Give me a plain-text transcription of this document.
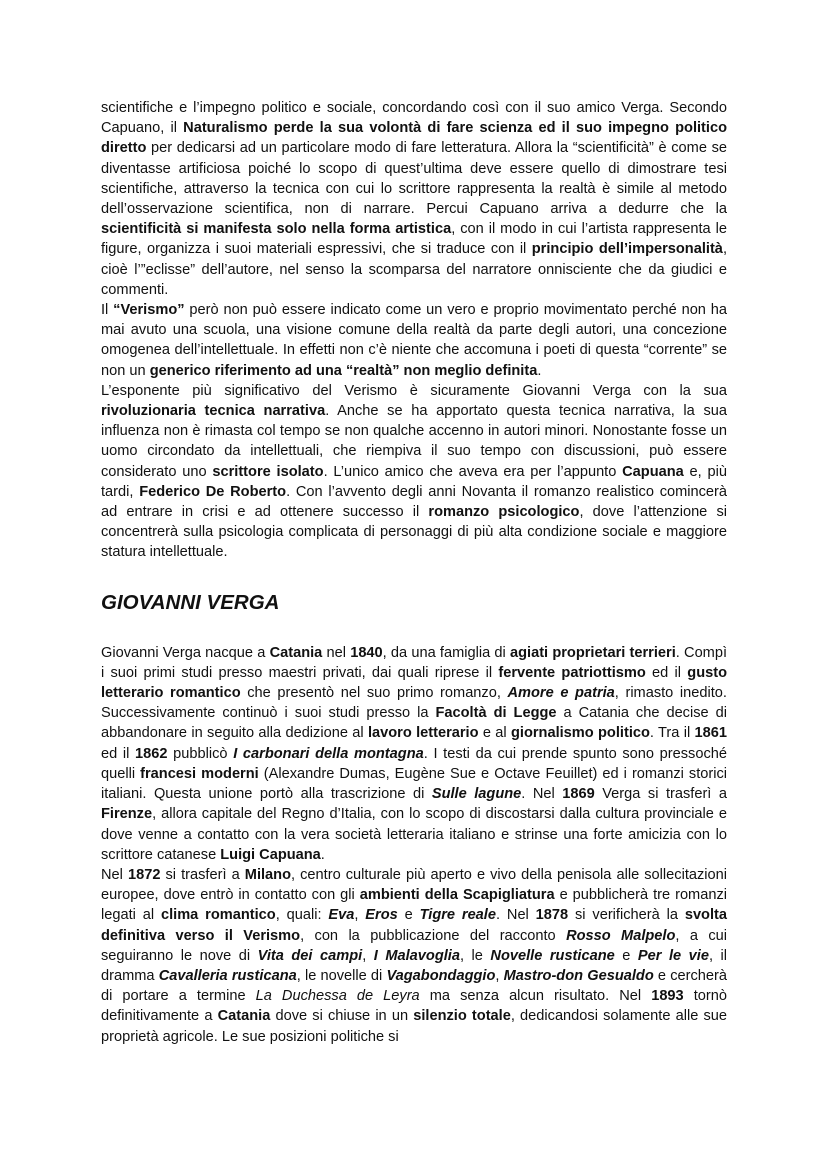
scientifiche e l’impegno politico e sociale, concordando così con il suo amico Verga. Secondo Capuano, il Naturalismo perde la sua volontà di fare scienza ed il suo impegno politico diretto per dedicarsi ad un particolare modo di fare letteratura. Allora la “scientificità” è come se diventasse artificiosa poiché lo scopo di quest’ultima deve essere quello di dimostrare tesi scientifiche, attraverso la tecnica con cui lo scrittore rappresenta la realtà è simile al metodo dell’osservazione scientifica, non di narrare. Percui Capuano arriva a dedurre che la scientificità si manifesta solo nella forma artistica, con il modo in cui l’artista rappresenta le figure, organizza i suoi materiali espressivi, che si traduce con il principio dell’impersonalità, cioè l’”eclisse” dell’autore, nel senso la scomparsa del narratore onnisciente che da giudici e commenti.

Il “Verismo” però non può essere indicato come un vero e proprio movimentato perché non ha mai avuto una scuola, una visione comune della realtà da parte degli autori, una concezione omogenea dell’intellettuale. In effetti non c’è niente che accomuna i poeti di questa “corrente” se non un generico riferimento ad una “realtà” non meglio definita.

L’esponente più significativo del Verismo è sicuramente Giovanni Verga con la sua rivoluzionaria tecnica narrativa. Anche se ha apportato questa tecnica narrativa, la sua influenza non è rimasta col tempo se non qualche accenno in autori minori. Nonostante fosse un uomo circondato da intellettuali, che riempiva il suo tempo con discussioni, può essere considerato uno scrittore isolato. L’unico amico che aveva era per l’appunto Capuana e, più tardi, Federico De Roberto. Con l’avvento degli anni Novanta il romanzo realistico comincerà ad entrare in crisi e ad ottenere successo il romanzo psicologico, dove l’attenzione si concentrerà sulla psicologia complicata di personaggi di più alta condizione sociale e maggiore statura intellettuale.

GIOVANNI VERGA

Giovanni Verga nacque a Catania nel 1840, da una famiglia di agiati proprietari terrieri. Compì i suoi primi studi presso maestri privati, dai quali riprese il fervente patriottismo ed il gusto letterario romantico che presentò nel suo primo romanzo, Amore e patria, rimasto inedito. Successivamente continuò i suoi studi presso la Facoltà di Legge a Catania che decise di abbandonare in seguito alla dedizione al lavoro letterario e al giornalismo politico. Tra il 1861 ed il 1862 pubblicò I carbonari della montagna. I testi da cui prende spunto sono pressoché quelli francesi moderni (Alexandre Dumas, Eugène Sue e Octave Feuillet) ed i romanzi storici italiani. Questa unione portò alla trascrizione di Sulle lagune. Nel 1869 Verga si trasferì a Firenze, allora capitale del Regno d’Italia, con lo scopo di discostarsi dalla cultura provinciale e dove venne a contatto con la vera società letteraria italiano e strinse una forte amicizia con lo scrittore catanese Luigi Capuana.

Nel 1872 si trasferì a Milano, centro culturale più aperto e vivo della penisola alle sollecitazioni europee, dove entrò in contatto con gli ambienti della Scapigliatura e pubblicherà tre romanzi legati al clima romantico, quali: Eva, Eros e Tigre reale. Nel 1878 si verificherà la svolta definitiva verso il Verismo, con la pubblicazione del racconto Rosso Malpelo, a cui seguiranno le nove di Vita dei campi, I Malavoglia, le Novelle rusticane e Per le vie, il dramma Cavalleria rusticana, le novelle di Vagabondaggio, Mastro-don Gesualdo e cercherà di portare a termine La Duchessa de Leyra ma senza alcun risultato. Nel 1893 tornò definitivamente a Catania dove si chiuse in un silenzio totale, dedicandosi solamente alle sue proprietà agricole. Le sue posizioni politiche si
